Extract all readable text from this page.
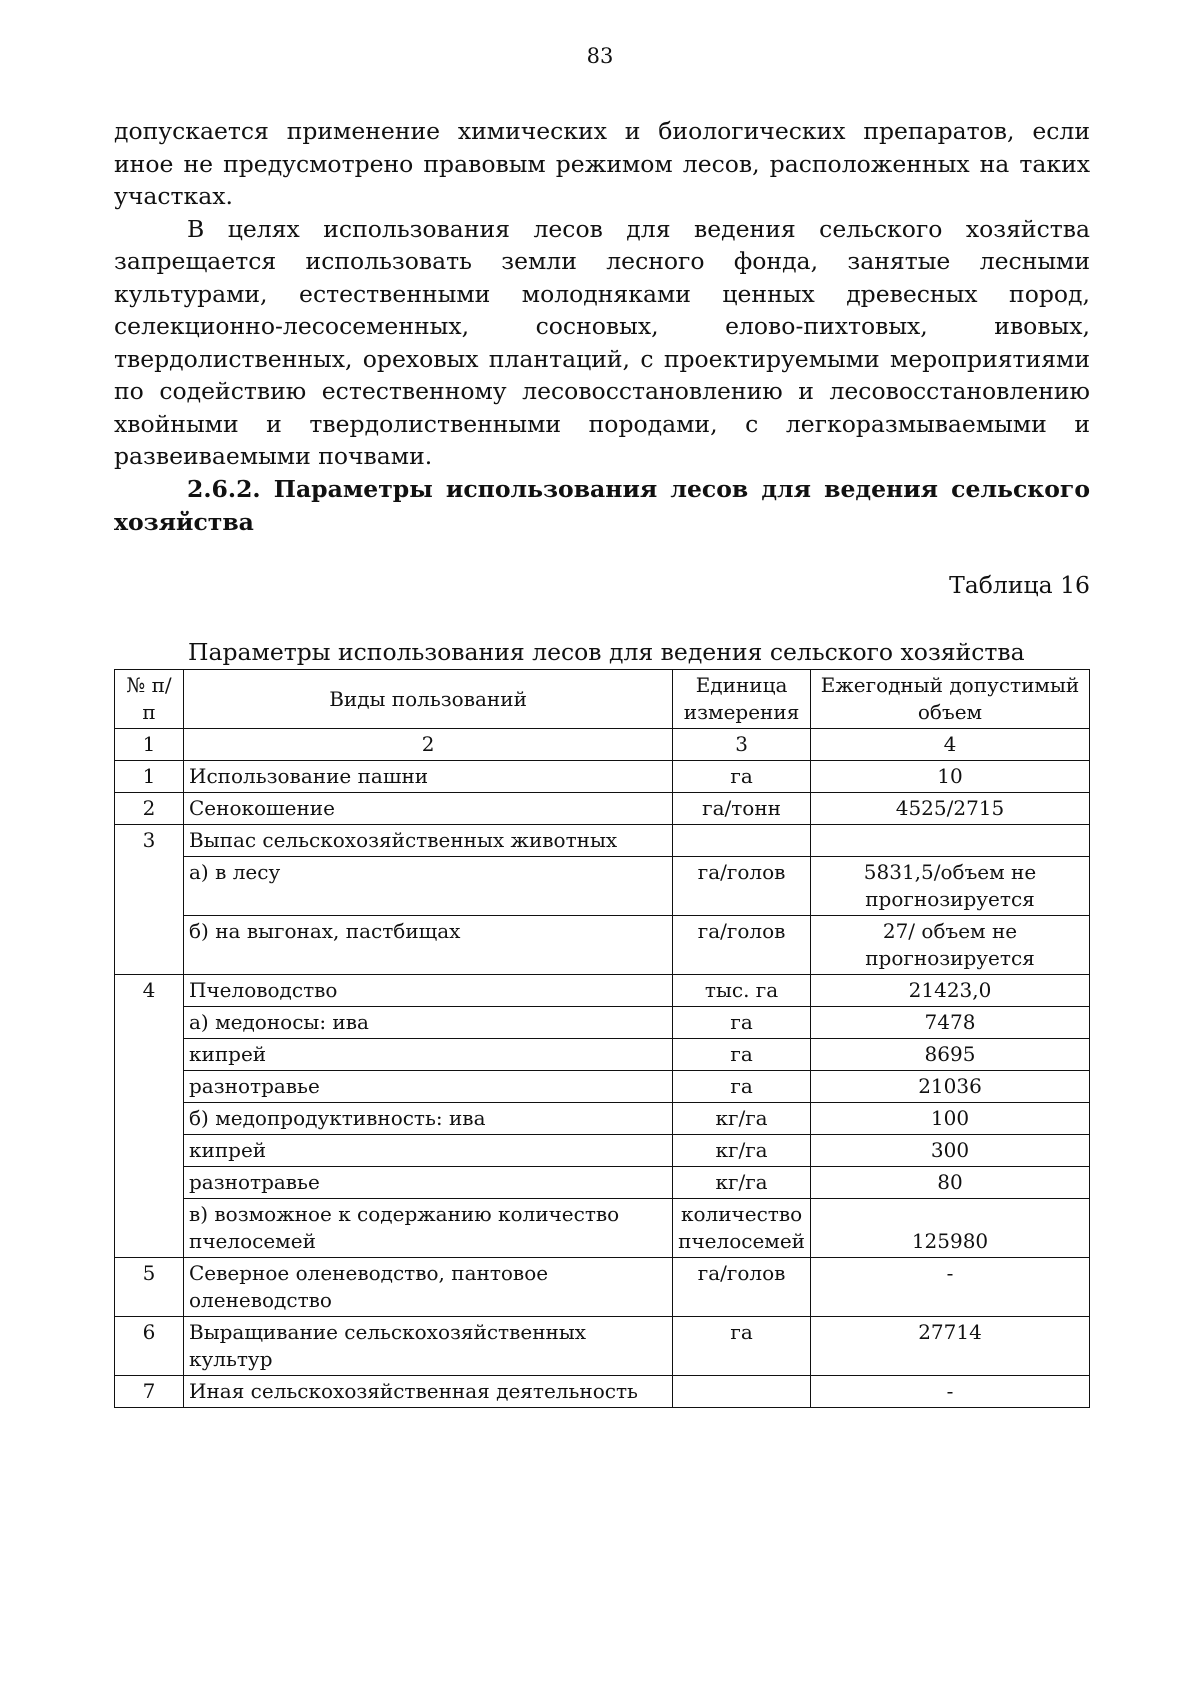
83

допускается применение химических и биологических препаратов, если иное не предусмотрено правовым режимом лесов, расположенных на таких участках.

В целях использования лесов для ведения сельского хозяйства запрещается использовать земли лесного фонда, занятые лесными культурами, естественными молодняками ценных древесных пород, селекционно-лесосеменных, сосновых, елово-пихтовых, ивовых, твердолиственных, ореховых плантаций, с проектируемыми мероприятиями по содействию естественному лесовосстановлению и лесовосстановлению хвойными и твердолиственными породами, с легкоразмываемыми и развеиваемыми почвами.

2.6.2. Параметры использования лесов для ведения сельского хозяйства
Таблица 16
Параметры использования лесов для ведения сельского хозяйства
№ п/п	Виды пользований	Единица измерения	Ежегодный допустимый объем
1	2	3	4
1	Использование пашни	га	10
2	Сенокошение	га/тонн	4525/2715
3	Выпас сельскохозяйственных животных		
	а) в лесу	га/голов	5831,5/объем не прогнозируется
	б) на выгонах, пастбищах	га/голов	27/ объем не прогнозируется
4	Пчеловодство	тыс. га	21423,0
	а) медоносы: ива	га	7478
	кипрей	га	8695
	разнотравье	га	21036
	б) медопродуктивность: ива	кг/га	100
	кипрей	кг/га	300
	разнотравье	кг/га	80
	в) возможное к содержанию количество пчелосемей	количество пчелосемей	125980
5	Северное оленеводство, пантовое оленеводство	га/голов	-
6	Выращивание сельскохозяйственных культур	га	27714
7	Иная сельскохозяйственная деятельность		-
